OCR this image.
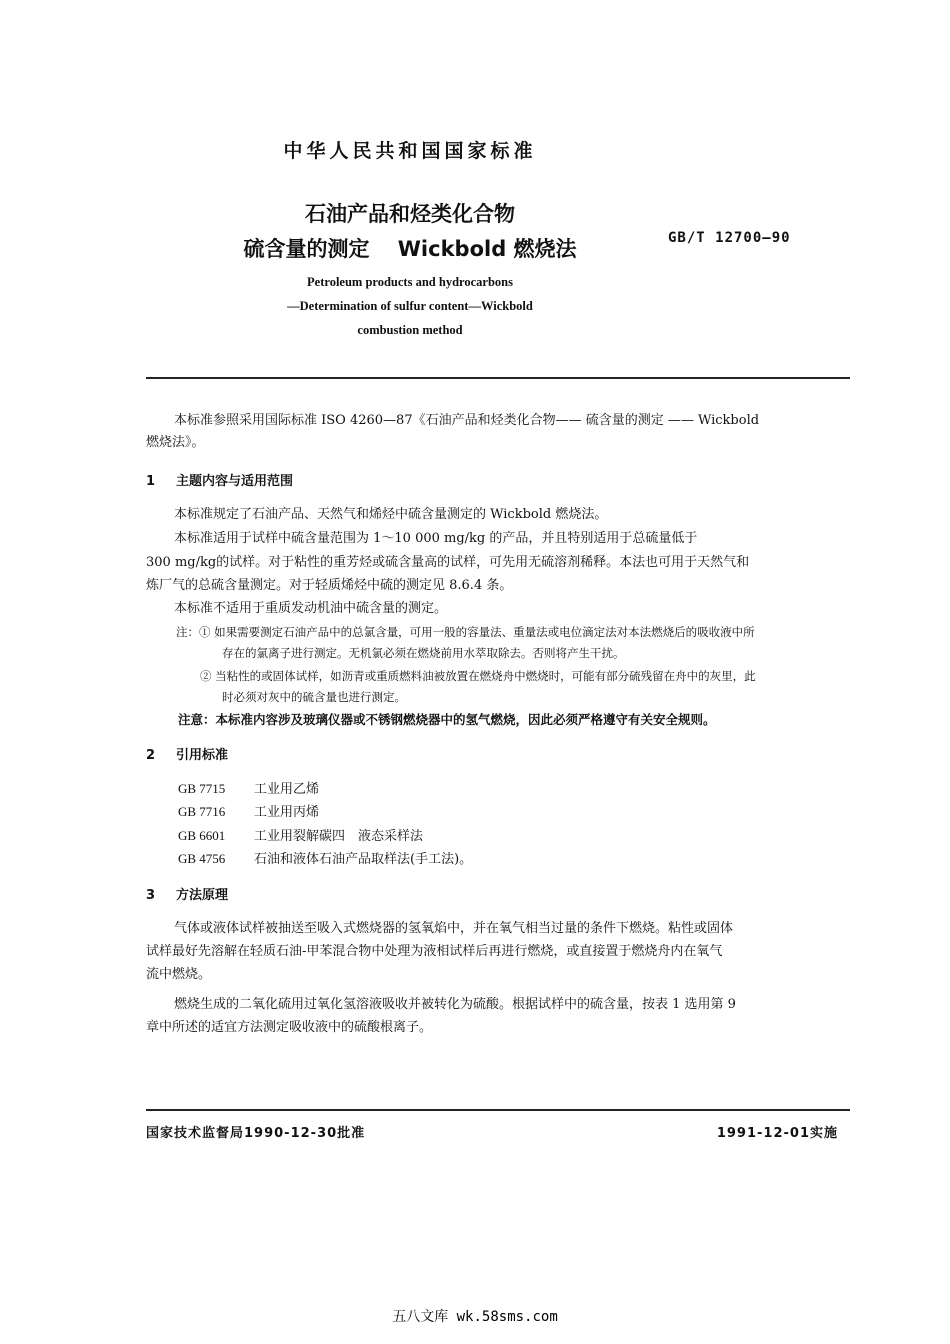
中华人民共和国国家标准
石油产品和烃类化合物
硫含量的测定　 Wickbold 燃烧法	GB/T 12700—90
Petroleum products and hydrocarbons
—Determination of sulfur content—Wickbold
combustion method
本标准参照采用国际标准 ISO 4260—87《石油产品和烃类化合物—— 硫含量的测定 —— Wickbold
燃烧法》。
1 主题内容与适用范围
本标准规定了石油产品、天然气和烯烃中硫含量测定的 Wickbold 燃烧法。
本标准适用于试样中硫含量范围为 1～10 000 mg/kg 的产品，并且特别适用于总硫量低于
300 mg/kg的试样。对于粘性的重芳烃或硫含量高的试样，可先用无硫溶剂稀释。本法也可用于天然气和
炼厂气的总硫含量测定。对于轻质烯烃中硫的测定见 8.6.4 条。
本标准不适用于重质发动机油中硫含量的测定。
注：① 如果需要测定石油产品中的总氯含量，可用一般的容量法、重量法或电位滴定法对本法燃烧后的吸收液中所
存在的氯离子进行测定。无机氯必须在燃烧前用水萃取除去。否则将产生干扰。
② 当粘性的或固体试样，如沥青或重质燃料油被放置在燃烧舟中燃烧时，可能有部分硫残留在舟中的灰里，此
时必须对灰中的硫含量也进行测定。
注意：本标准内容涉及玻璃仪器或不锈钢燃烧器中的氢气燃烧，因此必须严格遵守有关安全规则。
2 引用标准
GB 7715 工业用乙烯
GB 7716 工业用丙烯
GB 6601 工业用裂解碳四　液态采样法
GB 4756 石油和液体石油产品取样法(手工法)。
3 方法原理
气体或液体试样被抽送至吸入式燃烧器的氢氧焰中，并在氧气相当过量的条件下燃烧。粘性或固体
试样最好先溶解在轻质石油-甲苯混合物中处理为液相试样后再进行燃烧，或直接置于燃烧舟内在氧气
流中燃烧。
燃烧生成的二氧化硫用过氧化氢溶液吸收并被转化为硫酸。根据试样中的硫含量，按表 1 选用第 9
章中所述的适宜方法测定吸收液中的硫酸根离子。
国家技术监督局1990-12-30批准	1991-12-01实施
五八文库 wk.58sms.com
